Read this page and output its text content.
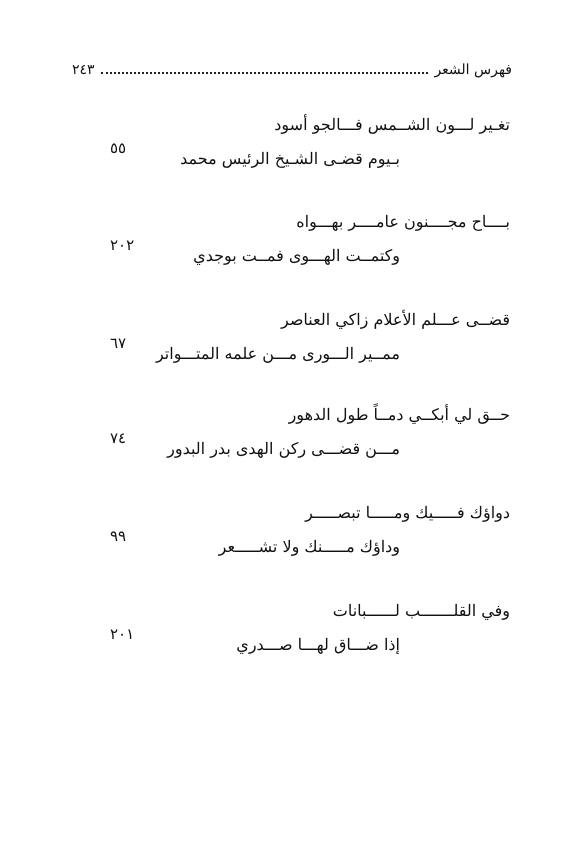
فهرس الشعر
٢٤٣
تغـير لـــون الشــمس فـــالجو أسود
٥٥
بـيوم قضـى الشـيخ الرئيس محمد
بــــاح مجــــنون عامــــر بهـــواه
٢٠٢
وكتمــت الهـــوى فمــت بوجدي
قضــى عـــلم الأعلام زاكي العناصر
٦٧
ممــير الـــورى مـــن علمه المتـــواتر
حــق لي أبكــي دمــاً طول الدهور
٧٤
مـــن قضـــى ركن الهدى بدر البدور
دواؤك فـــــيك ومـــــا تبصـــــر
٩٩
وداؤك مـــــنك ولا تشـــــعر
وفي القلـــــــب لــــــبانات
٢٠١
إذا ضـــاق لهـــا صـــدري
